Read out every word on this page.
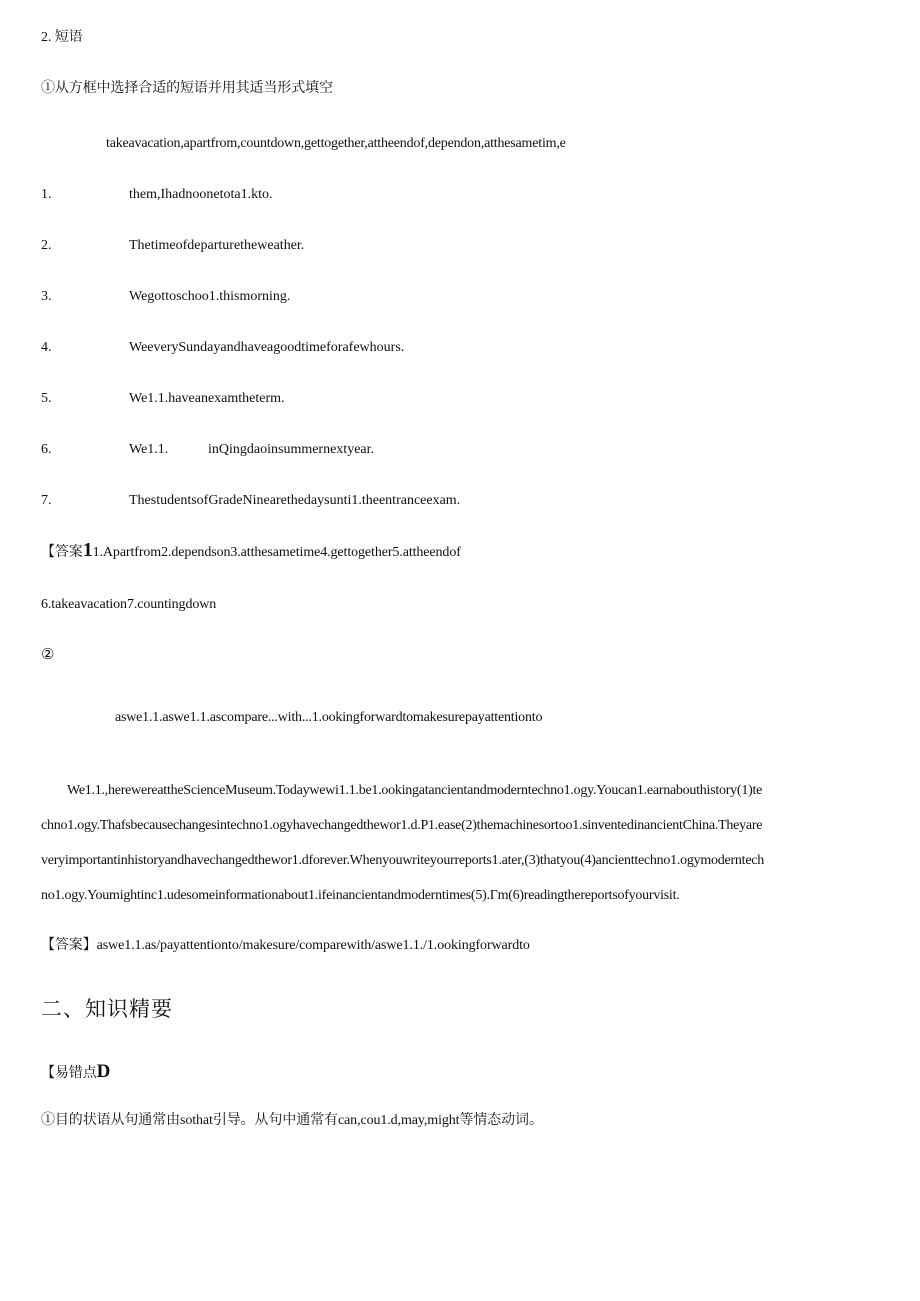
2. 短语
①从方框中选择合适的短语并用其适当形式填空
takeavacation,apartfrom,countdown,gettogether,attheendof,dependon,atthesametim,e
1.	them,Ihadnoonetota1.kto.
2.	Thetimeofdeparturetheweather.
3.	Wegottoschoo1.thismorning.
4.	WeeverySundayandhaveagoodtimeforafewhours.
5.	We1.1.haveanexamtheterm.
6.	We1.1.	inQingdaoinsummernextyear.
7.	ThestudentsofGradeNinearethedaysunti1.theentranceexam.
【答案11.Apartfrom2.dependson3.atthesametime4.gettogether5.attheendof
6.takeavacation7.countingdown
②
aswe1.1.aswe1.1.ascompare...with...1.ookingforwardtomakesurepayattentionto
We1.1.,herewereattheScienceMuseum.Todaywewi1.1.be1.ookingatancientandmoderntechno1.ogy.Youcan1.earnabouthistory(1)te
chno1.ogy.Thafsbecausechangesintechno1.ogyhavechangedthewor1.d.P1.ease(2)themachinesortoo1.sinventedinancientChina.Theyare
veryimportantinhistoryandhavechangedthewor1.dforever.Whenyouwriteyourreports1.ater,(3)thatyou(4)ancienttechno1.ogymoderntech
no1.ogy.Youmightinc1.udesomeinformationabout1.ifeinancientandmoderntimes(5).Γm(6)readingthereportsofyourvisit.
【答案】aswe1.1.as/payattentionto/makesure/comparewith/aswe1.1./1.ookingforwardto
二、知识精要
【易错点D
①目的状语从句通常由sothat引导。从句中通常有can,cou1.d,may,might等情态动词。
